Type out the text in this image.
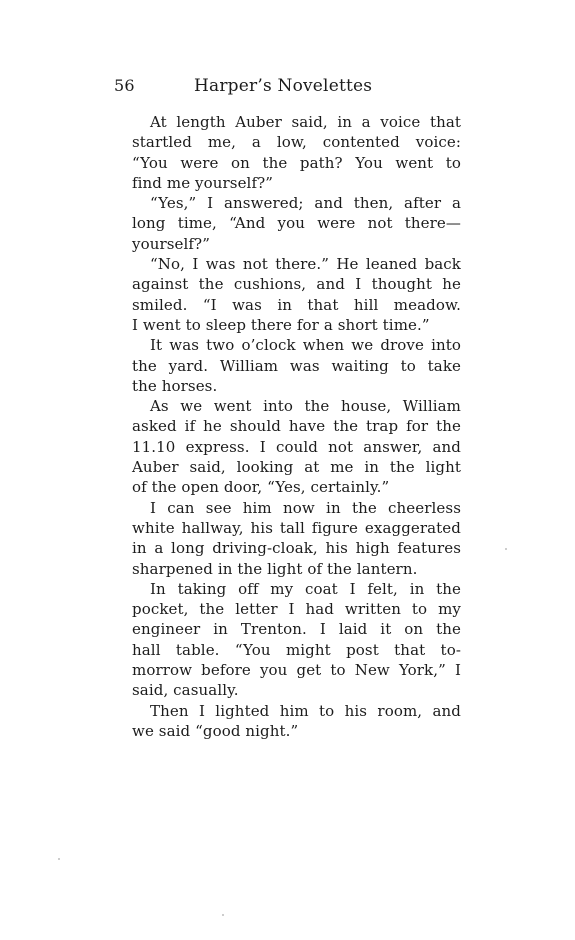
56	Harper’s Novelettes

At length Auber said, in a voice that
startled me, a low, contented voice:
“You were on the path? You went to
find me yourself?”

“Yes,” I answered; and then, after a
long time, “And you were not there—
yourself?”

“No, I was not there.” He leaned back
against the cushions, and I thought he
smiled. “I was in that hill meadow.
I went to sleep there for a short time.”

It was two o’clock when we drove into
the yard. William was waiting to take
the horses.

As we went into the house, William
asked if he should have the trap for the
11.10 express. I could not answer, and
Auber said, looking at me in the light
of the open door, “Yes, certainly.”

I can see him now in the cheerless
white hallway, his tall figure exaggerated
in a long driving-cloak, his high features
sharpened in the light of the lantern.

In taking off my coat I felt, in the
pocket, the letter I had written to my
engineer in Trenton. I laid it on the
hall table. “You might post that to-
morrow before you get to New York,” I
said, casually.

Then I lighted him to his room, and
we said “good night.”
